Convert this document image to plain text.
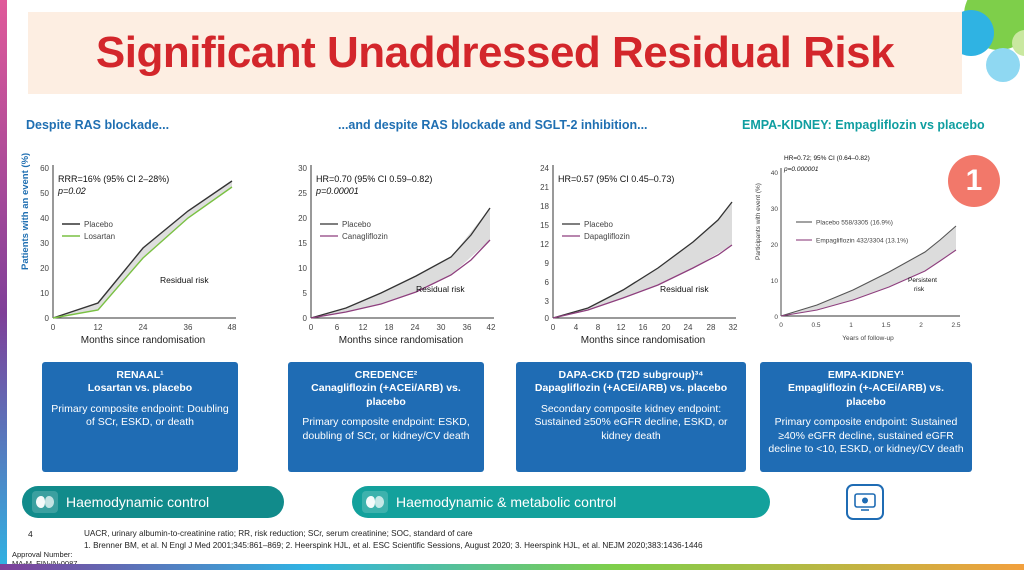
Significant Unaddressed Residual Risk
Despite RAS blockade...	...and despite RAS blockade and SGLT-2 inhibition...	EMPA-KIDNEY: Empagliflozin vs placebo
Patients with an event (%) 60
50
40
30
20
10
0
RRR=16% (95% CI 2–28%)
p=0.02
Residual risk
Placebo
Losartan
0	12	24	36	48
Months since randomisation
30
25
20
15
10
5
0
HR=0.70 (95% CI 0.59–0.82)
p=0.00001
Residual risk
Placebo
Canagliflozin
0	6 12 18 24 30 36 42
Months since randomisation
24
21
18
15
12
9
6
3
0
HR=0.57 (95% CI 0.45–0.73)
Residual risk
Placebo
Dapagliflozin
0 4 8 12 16 20 24 28 32
Months since randomisation
Participants with event (%)
40
30
20
10
0
HR=0.72; 95% CI (0.64–0.82)
p=0.000001
Persistent
risk
Placebo 558/3305 (16.9%)
Empagliflozin 432/3304 (13.1%)
0	0.5	1	1.5	2	2.5
Years of follow-up
1
RENAAL¹
Losartan vs. placebo
Primary composite endpoint: Doubling of SCr, ESKD, or death
CREDENCE²
Canagliflozin (+ACEi/ARB) vs. placebo
Primary composite endpoint: ESKD, doubling of SCr, or kidney/CV death
DAPA-CKD (T2D subgroup)³⁴
Dapagliflozin (+ACEi/ARB) vs. placebo
Secondary composite kidney endpoint: Sustained ≥50% eGFR decline, ESKD, or kidney death
EMPA-KIDNEY¹
Empagliflozin (+-ACEi/ARB) vs. placebo
Primary composite endpoint: Sustained ≥40% eGFR decline, sustained eGFR decline to <10, ESKD, or kidney/CV death
Haemodynamic control	Haemodynamic & metabolic control
4	UACR, urinary albumin-to-creatinine ratio; RR, risk reduction; SCr, serum creatinine; SOC, standard of care
1. Brenner BM, et al. N Engl J Med 2001;345:861–869; 2. Heerspink HJL, et al. ESC Scientific Sessions, August 2020; 3. Heerspink HJL, et al. NEJM 2020;383:1436-1446
Approval Number:
